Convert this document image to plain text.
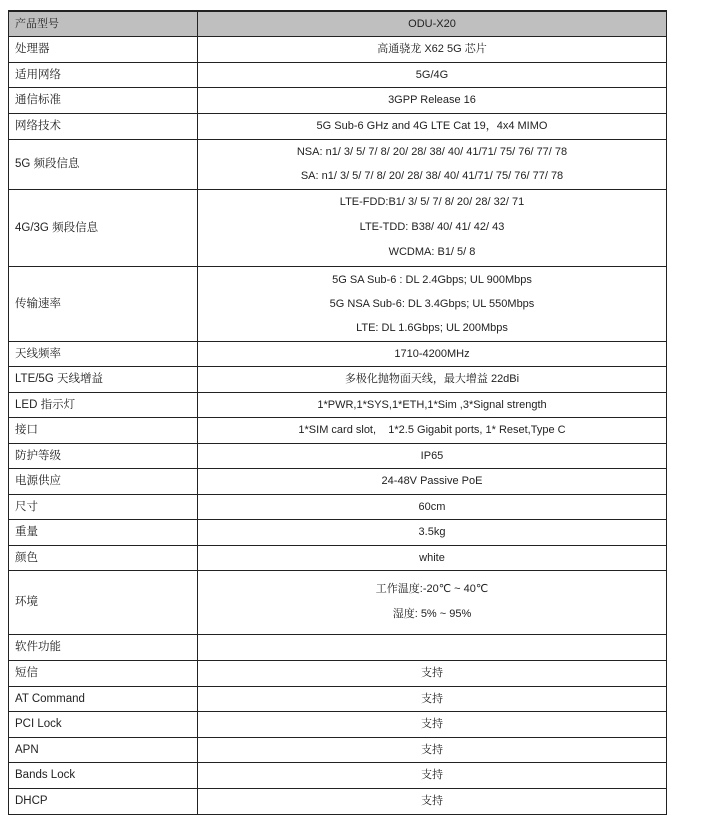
产品型号	ODU-X20
处理器	高通骁龙 X62 5G 芯片

适用网络	5G/4G

通信标准	3GPP Release 16

网络技术	5G Sub-6 GHz and 4G LTE Cat 19，4x4 MIMO

5G 频段信息	NSA: n1/ 3/ 5/ 7/ 8/ 20/ 28/ 38/ 40/ 41/71/ 75/ 76/ 77/ 78
SA: n1/ 3/ 5/ 7/ 8/ 20/ 28/ 38/ 40/ 41/71/ 75/ 76/ 77/ 78

4G/3G 频段信息	LTE-FDD:B1/ 3/ 5/ 7/ 8/ 20/ 28/ 32/ 71
LTE-TDD: B38/ 40/ 41/ 42/ 43
WCDMA: B1/ 5/ 8

传输速率	5G SA Sub-6 : DL 2.4Gbps; UL 900Mbps
5G NSA Sub-6: DL 3.4Gbps; UL 550Mbps
LTE: DL 1.6Gbps; UL 200Mbps

天线频率	1710-4200MHz

LTE/5G 天线增益	多极化抛物面天线，最大增益 22dBi

LED 指示灯	1*PWR,1*SYS,1*ETH,1*Sim ,3*Signal strength

接口	1*SIM card slot,    1*2.5 Gigabit ports, 1* Reset,Type C

防护等级	IP65

电源供应	24-48V Passive PoE

尺寸	60cm

重量	3.5kg

颜色	white

环境	工作温度:-20℃ ~ 40℃
湿度: 5% ~ 95%

软件功能	

短信	支持

AT Command	支持

PCI Lock	支持

APN	支持

Bands Lock	支持

DHCP	支持
